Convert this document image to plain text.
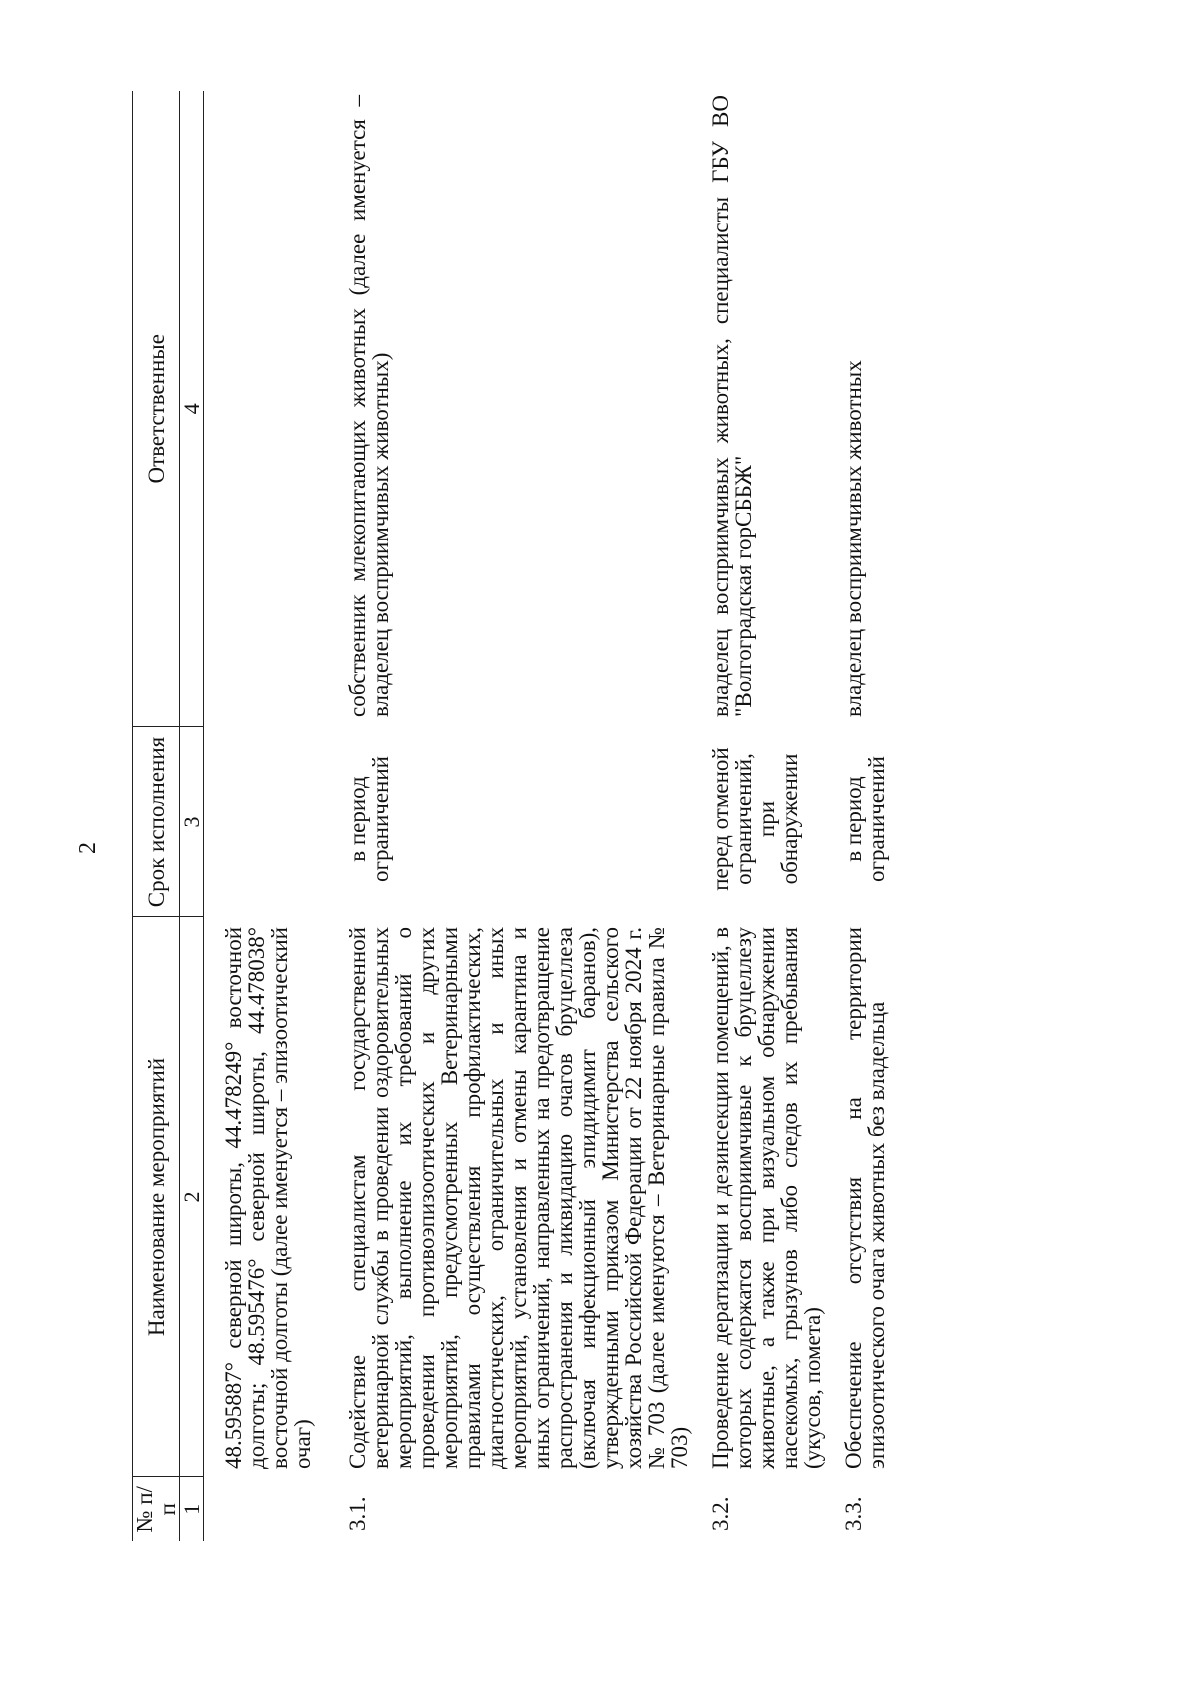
2
№ п/п	Наименование мероприятий	Срок исполнения	Ответственные
1	2	3	4
	48.595887° северной широты, 44.478249° восточной долготы; 48.595476° северной широты, 44.478038° восточной долготы (далее именуется – эпизоотический очаг)		

3.1.	Содействие специалистам государственной ветеринарной службы в проведении оздоровительных мероприятий, выполнение их требований о проведении противоэпизоотических и других мероприятий, предусмотренных Ветеринарными правилами осуществления профилактических, диагностических, ограничительных и иных мероприятий, установления и отмены карантина и иных ограничений, направленных на предотвращение распространения и ликвидацию очагов бруцеллеза (включая инфекционный эпидидимит баранов), утвержденными приказом Министерства сельского хозяйства Российской Федерации от 22 ноября 2024 г. № 703 (далее именуются – Ветеринарные правила № 703)	в период ограничений	собственник млекопитающих животных (далее именуется – владелец восприимчивых животных)
3.2.	Проведение дератизации и дезинсекции помещений, в которых содержатся восприимчивые к бруцеллезу животные, а также при визуальном обнаружении насекомых, грызунов либо следов их пребывания (укусов, помета)	перед отменой ограничений, при обнаружении	владелец восприимчивых животных, специалисты ГБУ ВО "Волгоградская горСББЖ"
3.3.	Обеспечение отсутствия на территории эпизоотического очага животных без владельца	в период ограничений	владелец восприимчивых животных
